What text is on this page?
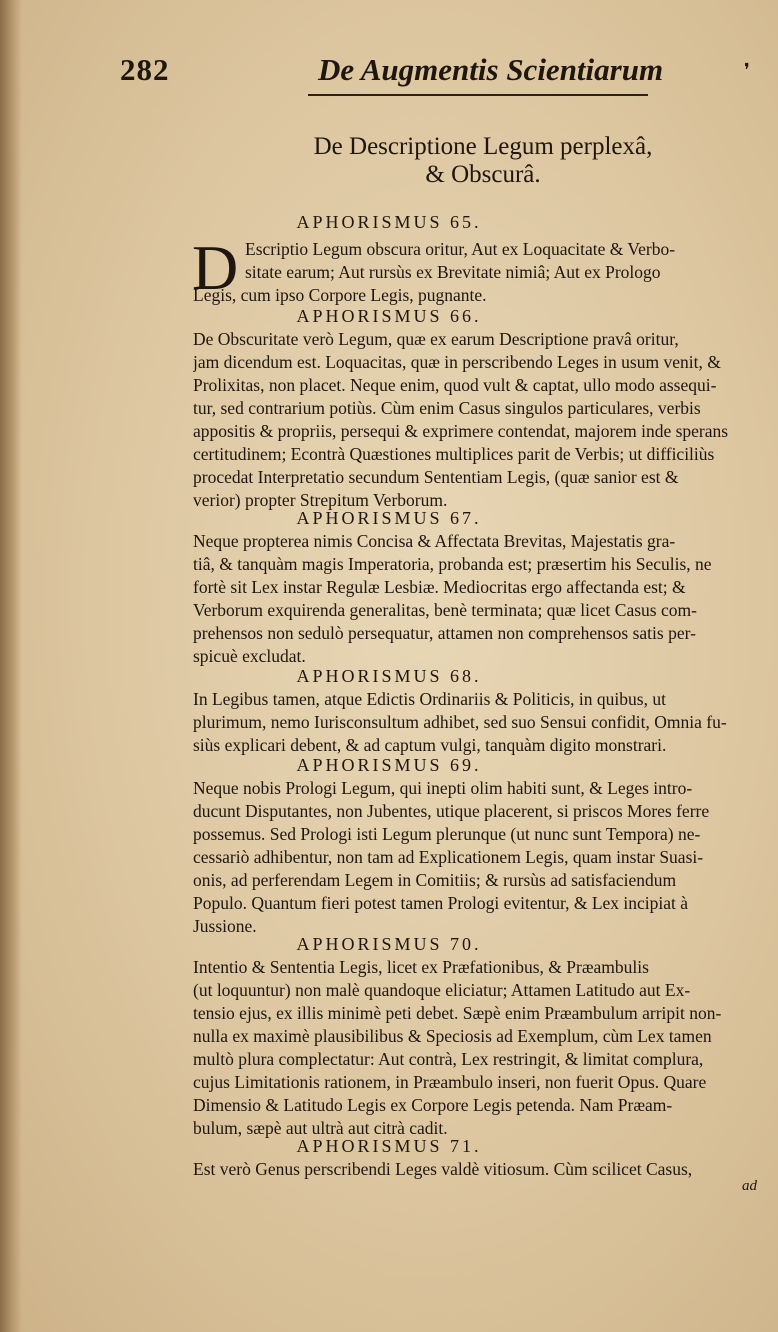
282	De Augmentis Scientiarum	❜
De Descriptione Legum perplexâ,
& Obscurâ.
APHORISMUS 65.
D Escriptio Legum obscura oritur, Aut ex Loquacitate & Verbo-
sitate earum; Aut rursùs ex Brevitate nimiâ; Aut ex Prologo
Legis, cum ipso Corpore Legis, pugnante.
APHORISMUS 66.
De Obscuritate verò Legum, quæ ex earum Descriptione pravâ oritur,
jam dicendum est. Loquacitas, quæ in perscribendo Leges in usum venit, &
Prolixitas, non placet. Neque enim, quod vult & captat, ullo modo assequi-
tur, sed contrarium potiùs. Cùm enim Casus singulos particulares, verbis
appositis & propriis, persequi & exprimere contendat, majorem inde sperans
certitudinem; Econtrà Quæstiones multiplices parit de Verbis; ut difficiliùs
procedat Interpretatio secundum Sententiam Legis, (quæ sanior est &
verior) propter Strepitum Verborum.
APHORISMUS 67.
Neque propterea nimis Concisa & Affectata Brevitas, Majestatis gra-
tiâ, & tanquàm magis Imperatoria, probanda est; præsertim his Seculis, ne
fortè sit Lex instar Regulæ Lesbiæ. Mediocritas ergo affectanda est; &
Verborum exquirenda generalitas, benè terminata; quæ licet Casus com-
prehensos non sedulò persequatur, attamen non comprehensos satis per-
spicuè excludat.
APHORISMUS 68.
In Legibus tamen, atque Edictis Ordinariis & Politicis, in quibus, ut
plurimum, nemo Iurisconsultum adhibet, sed suo Sensui confidit, Omnia fu-
siùs explicari debent, & ad captum vulgi, tanquàm digito monstrari.
APHORISMUS 69.
Neque nobis Prologi Legum, qui inepti olim habiti sunt, & Leges intro-
ducunt Disputantes, non Jubentes, utique placerent, si priscos Mores ferre
possemus. Sed Prologi isti Legum plerunque (ut nunc sunt Tempora) ne-
cessariò adhibentur, non tam ad Explicationem Legis, quam instar Suasi-
onis, ad perferendam Legem in Comitiis; & rursùs ad satisfaciendum
Populo. Quantum fieri potest tamen Prologi evitentur, & Lex incipiat à
Jussione.
APHORISMUS 70.
Intentio & Sententia Legis, licet ex Præfationibus, & Præambulis
(ut loquuntur) non malè quandoque eliciatur; Attamen Latitudo aut Ex-
tensio ejus, ex illis minimè peti debet. Sæpè enim Præambulum arripit non-
nulla ex maximè plausibilibus & Speciosis ad Exemplum, cùm Lex tamen
multò plura complectatur: Aut contrà, Lex restringit, & limitat complura,
cujus Limitationis rationem, in Præambulo inseri, non fuerit Opus. Quare
Dimensio & Latitudo Legis ex Corpore Legis petenda. Nam Præam-
bulum, sæpè aut ultrà aut citrà cadit.
APHORISMUS 71.
Est verò Genus perscribendi Leges valdè vitiosum. Cùm scilicet Casus,
ad
